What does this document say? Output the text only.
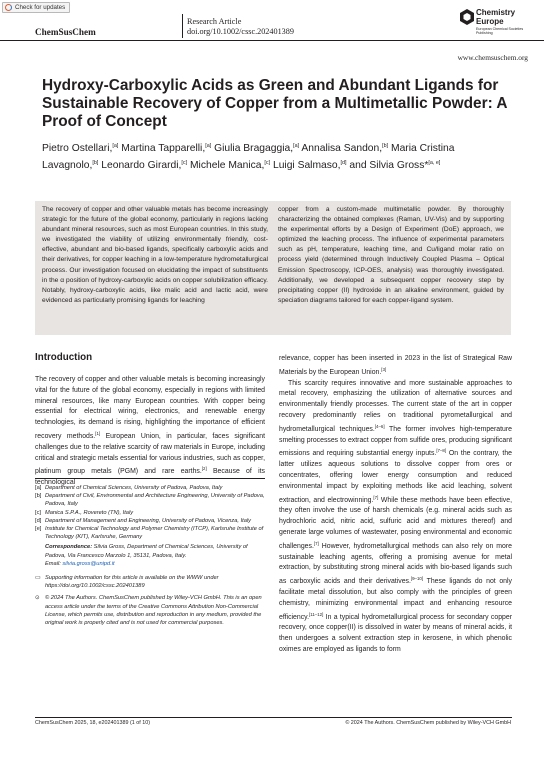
Check for updates
ChemSusChem
Research Article
doi.org/10.1002/cssc.202401389
Chemistry
Europe
European Chemical Societies Publishing
www.chemsuschem.org
Hydroxy-Carboxylic Acids as Green and Abundant Ligands for Sustainable Recovery of Copper from a Multimetallic Powder: A Proof of Concept
Pietro Ostellari,[a] Martina Tapparelli,[a] Giulia Bragaggia,[a] Annalisa Sandon,[b] Maria Cristina Lavagnolo,[b] Leonardo Girardi,[c] Michele Manica,[c] Luigi Salmaso,[d] and Silvia Gross*[a, e]
The recovery of copper and other valuable metals has become increasingly strategic for the future of the global economy, particularly in regions lacking abundant mineral resources, such as most European countries. In this study, we investigated the viability of utilizing environmentally friendly, cost-effective, abundant and bio-based ligands, specifically carboxylic acids and their derivatives, for copper leaching in a low-temperature hydrometallurgical process. Our investigation focused on elucidating the impact of substituents in the α position of hydroxy-carboxylic acids on copper solubilization efficacy. Notably, hydroxy-carboxylic acids, like malic acid and lactic acid, were evidenced as particularly promising ligands for leaching
copper from a custom-made multimetallic powder. By thoroughly characterizing the obtained complexes (Raman, UV-Vis) and by supporting the experimental efforts by a Design of Experiment (DoE) approach, we optimized the leaching process. The influence of experimental parameters such as pH, temperature, leaching time, and Cu/ligand molar ratio on process yield (determined through Inductively Coupled Plasma – Optical Emission Spectroscopy, ICP-OES, analysis) was thoroughly investigated. Additionally, we developed a subsequent copper recovery step by precipitating copper (II) hydroxide in an alkaline environment, guided by speciation diagrams tailored for each copper-ligand system.
Introduction

The recovery of copper and other valuable metals is becoming increasingly vital for the future of the global economy, especially in regions with limited mineral resources, like many European countries. With copper being essential for electrical wiring, electronics, and renewable energy technologies, its demand is rising, highlighting the importance of efficient recovery methods.[1] European Union, in particular, faces significant challenges due to the relative scarcity of raw materials in Europe, including critical and strategic metals essential for various industries, such as copper, platinum group metals (PGM) and rare earths.[2] Because of its technological

[a] Department of Chemical Sciences, University of Padova, Padova, Italy
[b] Department of Civil, Environmental and Architecture Engineering, University of Padova, Padova, Italy
[c] Manica S.P.A., Rovereto (TN), Italy
[d] Department of Management and Engineering, University of Padova, Vicenza, Italy
[e] Institute for Chemical Technology and Polymer Chemistry (ITCP), Karlsruhe Institute of Technology (KIT), Karlsruhe, Germany
Correspondence: Silvia Gross, Department of Chemical Sciences, University of Padova, Via Francesco Marzolo 1, 35131, Padova, Italy.
Email: silvia.gross@unipd.it
▭ Supporting information for this article is available on the WWW under https://doi.org/10.1002/cssc.202401389
⊙ © 2024 The Authors. ChemSusChem published by Wiley-VCH GmbH. This is an open access article under the terms of the Creative Commons Attribution Non-Commercial License, which permits use, distribution and reproduction in any medium, provided the original work is properly cited and is not used for commercial purposes.

relevance, copper has been inserted in 2023 in the list of Strategical Raw Materials by the European Union.[3]

This scarcity requires innovative and more sustainable approaches to metal recovery, emphasizing the utilization of alternative sources and environmentally friendly processes. The current state of the art in copper recovery predominantly relies on traditional pyrometallurgical and hydrometallurgical techniques.[4–6] The former involves high-temperature smelting processes to extract copper from sulfide ores, producing significant emissions and requiring substantial energy inputs.[7–8] On the contrary, the latter utilizes aqueous solutions to dissolve copper from ores or concentrates, offering lower energy consumption and reduced environmental impact by exploiting methods like acid leaching, solvent extraction, and electrowinning.[7] While these methods have been effective, they often involve the use of harsh chemicals (e.g. mineral acids such as hydrochloric acid, nitric acid, sulfuric acid and mixtures thereof) and generate large volumes of wastewater, posing environmental and economic challenges.[7] However, hydrometallurgical methods can also rely on more sustainable leaching agents, offering a promising avenue for metal extraction, by substituting strong mineral acids with bio-based ligands such as carboxylic acids and their derivatives.[9–10] These ligands do not only facilitate metal dissolution, but also comply with the principles of green chemistry, minimizing environmental impact and enhancing resource efficiency.[11–12] In a typical hydrometallurgical process for secondary copper recovery, once copper(II) is dissolved in water by means of mineral acids, it then undergoes a solvent extraction step in kerosene, in which phenolic oximes are employed as ligands to form

ChemSusChem 2025, 18, e202401389 (1 of 10)	© 2024 The Authors. ChemSusChem published by Wiley-VCH GmbH
